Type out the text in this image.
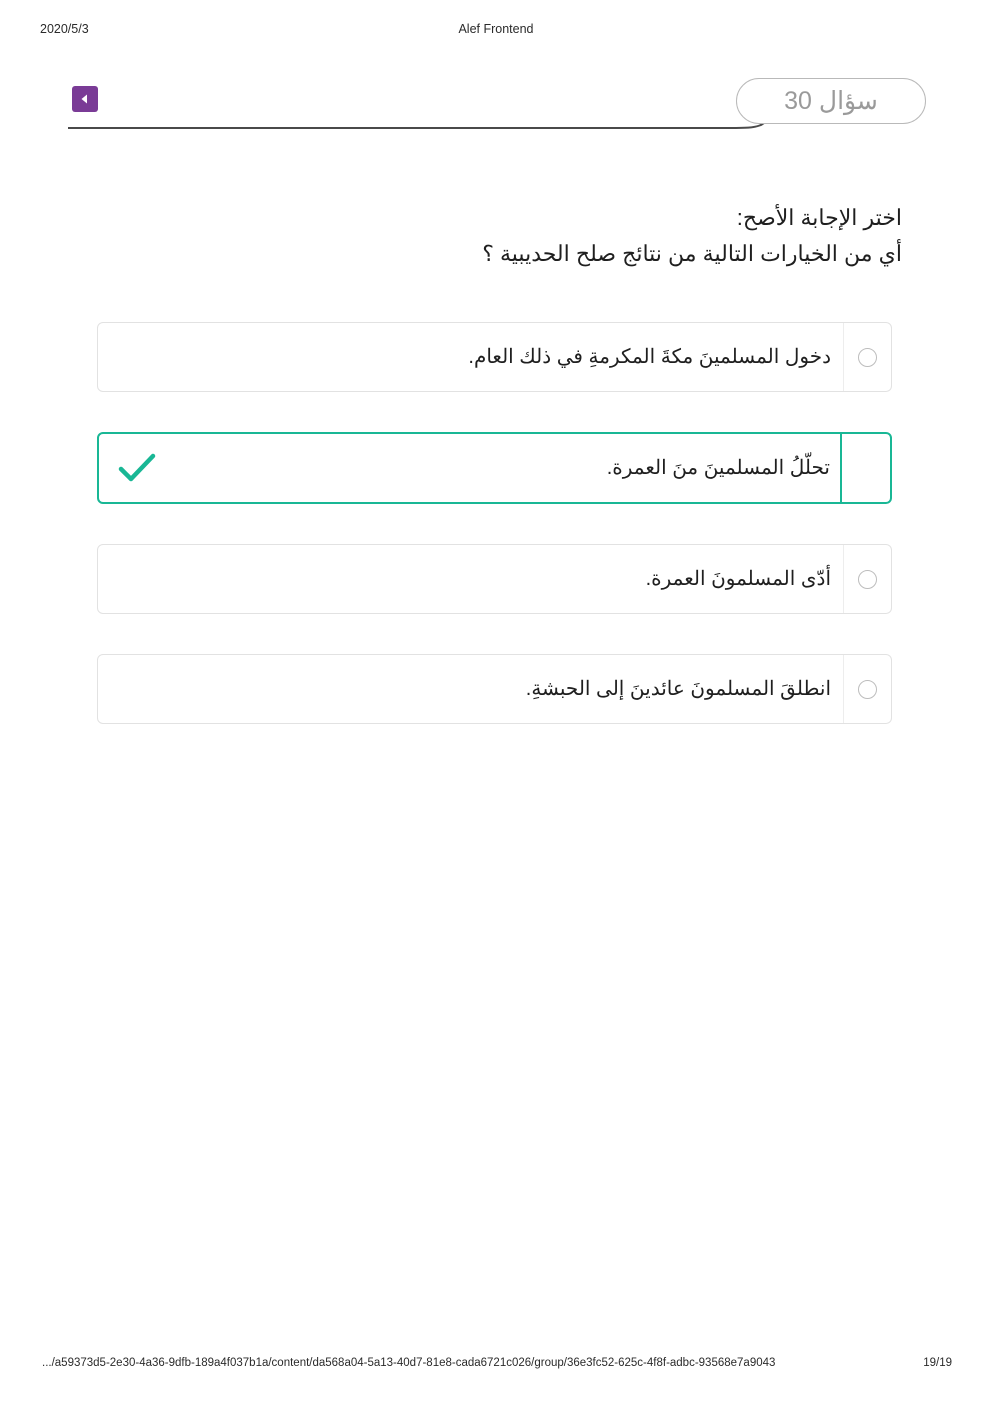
2020/5/3	Alef Frontend
سؤال 30
اختر الإجابة الأصح:
أي من الخيارات التالية من نتائج صلح الحديبية ؟
دخول المسلمينَ مكةَ المكرمةِ في ذلك العام.
تحلّلُ المسلمينَ منَ العمرة.
أدّى المسلمونَ العمرة.
انطلقَ المسلمونَ عائدينَ إلى الحبشةِ.
.../a59373d5-2e30-4a36-9dfb-189a4f037b1a/content/da568a04-5a13-40d7-81e8-cada6721c026/group/36e3fc52-625c-4f8f-adbc-93568e7a9043	19/19
